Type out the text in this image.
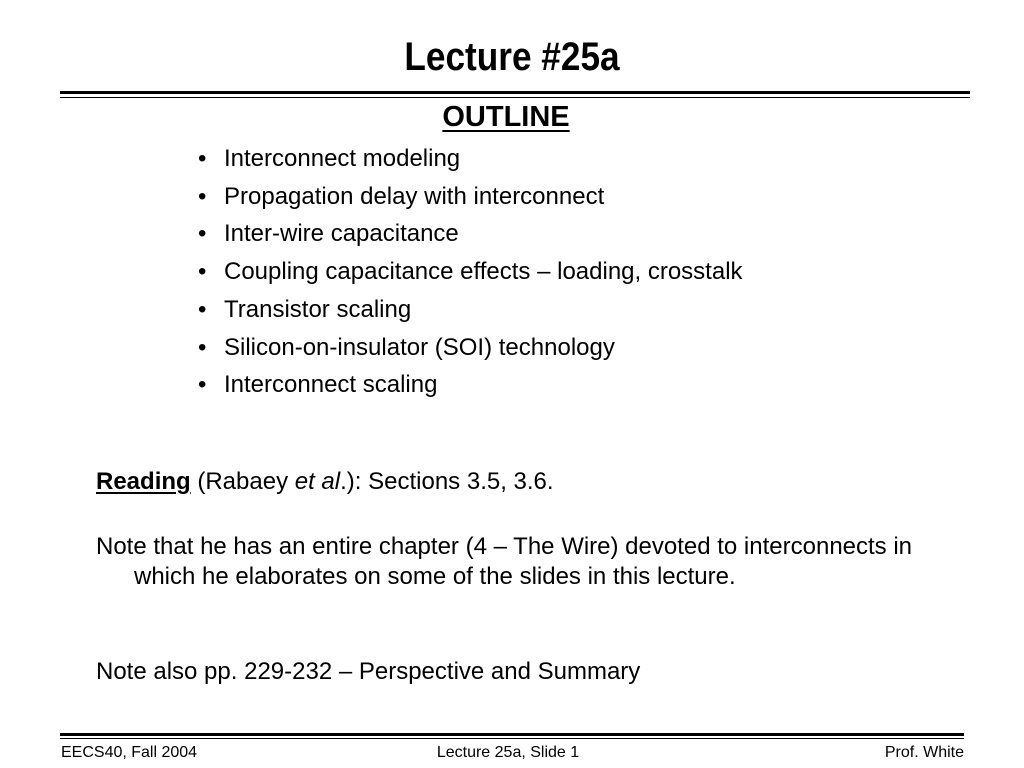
Lecture #25a
OUTLINE
• Interconnect modeling
• Propagation delay with interconnect
• Inter-wire capacitance
• Coupling capacitance effects – loading, crosstalk
• Transistor scaling
• Silicon-on-insulator (SOI) technology
• Interconnect scaling
Reading (Rabaey et al.): Sections 3.5, 3.6.
Note that he has an entire chapter (4 – The Wire) devoted to interconnects in which he elaborates on some of the slides in this lecture.
Note also pp. 229-232 – Perspective and Summary
EECS40, Fall 2004	Lecture 25a, Slide 1	Prof. White
